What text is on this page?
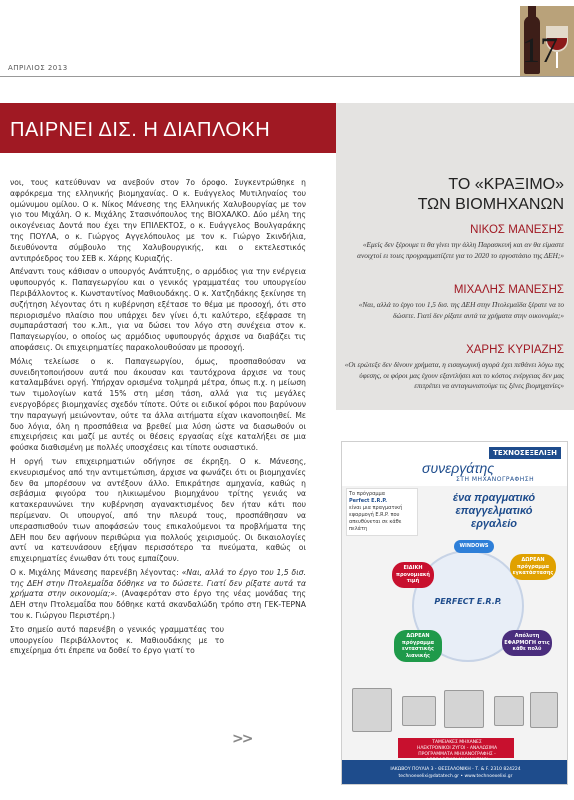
17
ΑΠΡΙΛΙΟΣ 2013
ΠΑΙΡΝΕΙ ΔΙΣ. Η ΔΙΑΠΛΟΚΗ
ΤΟ «ΚΡΑΞΙΜΟ»
ΤΩΝ ΒΙΟΜΗΧΑΝΩΝ
ΝΙΚΟΣ ΜΑΝΕΣΗΣ
«Εμείς δεν ξέρουμε τι θα γίνει την άλλη Παρασκευή και αν θα είμαστε ανοιχτοί ει τοιες προγραμματίζετε για το 2020 το εργοστάσιο της ΔΕΗ;»
ΜΙΧΑΛΗΣ ΜΑΝΕΣΗΣ
«Ναι, αλλά το έργο του 1,5 δισ. της ΔΕΗ στην Πτολεμαΐδα ξέρατε να το δώσετε. Γιατί δεν ρίξατε αυτά τα χρήματα στην οικονομία;»
ΧΑΡΗΣ ΚΥΡΙΑΖΗΣ
«Οι ερώτεξε δεν δίνουν χρήματα, η εισαγωγική αγορά έχει πεθάνει λόγω της ύφεσης, οι φόροι μας έχουν εξαντλήσει και το κόστος ενέργειας δεν μας επιτρέπει να ανταγωνιστούμε τις ξένες βιομηχανίες»

νοι, τους κατεύθυναν να ανεβούν στον 7ο όροφο. Συγκεντρώθηκε η αφρόκρεμα της ελληνικής βιομηχανίας. Ο κ. Ευάγγελος Μυτιληναίος του ομώνυμου ομίλου. Ο κ. Νίκος Μάνεσης της Ελληνικής Χαλυβουργίας με τον γιο του Μιχάλη. Ο κ. Μιχάλης Στασινόπουλος της ΒΙΟΧΑΛΚΟ. Δύο μέλη της οικογένειας Δοντά που έχει την ΕΠΙΛΕΚΤΟΣ, ο κ. Ευάγγελος Βουλγαράκης της ΠΟΥΛΑ, ο κ. Γιώργος Αγγελόπουλος με τον κ. Γιώργο Σκινδήλια, διευθύνοντα σύμβουλο της Χαλυβουργικής, και ο εκτελεστικός αντιπρόεδρος του ΣΕΒ κ. Χάρης Κυριαζής.

Απέναντι τους κάθισαν ο υπουργός Ανάπτυξης, ο αρμόδιος για την ενέργεια υφυπουργός κ. Παπαγεωργίου και ο γενικός γραμματέας του υπουργείου Περιβάλλοντος κ. Κωνσταντίνος Μαθιουδάκης. Ο κ. Χατζηδάκης ξεκίνησε τη συζήτηση λέγοντας ότι η κυβέρνηση εξέτασε το θέμα με προσοχή, ότι στο περιορισμένο πλαίσιο που υπάρχει δεν γίνει ό,τι καλύτερο, εξέφρασε τη συμπαράστασή του κ.λπ., για να δώσει τον λόγο στη συνέχεια στον κ. Παπαγεωργίου, ο οποίος ως αρμόδιος υφυπουργός άρχισε να διαβάζει τις αποφάσεις. Οι επιχειρηματίες παρακολουθούσαν με προσοχή.

Μόλις τελείωσε ο κ. Παπαγεωργίου, όμως, προσπαθούσαν να συνειδητοποιήσουν αυτά που άκουσαν και ταυτόχρονα άρχισε να τους καταλαμβάνει οργή. Υπήρχαν ορισμένα τολμηρά μέτρα, όπως π.χ. η μείωση των τιμολογίων κατά 15% στη μέση τάση, αλλά για τις μεγάλες ενεργοβόρες βιομηχανίες σχεδόν τίποτε. Ούτε οι ειδικοί φόροι που βαρύνουν την παραγωγή μειώνονταν, ούτε τα άλλα αιτήματα είχαν ικανοποιηθεί. Με δυο λόγια, όλη η προσπάθεια να βρεθεί μια λύση ώστε να διασωθούν οι επιχειρήσεις και μαζί με αυτές οι θέσεις εργασίας είχε καταλήξει σε μια φούσκα διαθισμένη με πολλές υποσχέσεις και τίποτε ουσιαστικό.

Η οργή των επιχειρηματιών οδήγησε σε έκρηξη. Ο κ. Μάνεσης, εκνευρισμένος από την αντιμετώπιση, άρχισε να φωνάζει ότι οι βιομηχανίες δεν θα μπορέσουν να αντέξουν άλλο. Επικράτησε αμηχανία, καθώς η σεβάσμια φιγούρα του ηλικιωμένου βιομηχάνου τρίτης γενιάς να κατακεραυνώνει την κυβέρνηση αγανακτισμένος δεν ήταν κάτι που περίμεναν. Οι υπουργοί, από την πλευρά τους, προσπάθησαν να υπερασπισθούν τιων αποφάσεών τους επικαλούμενοι τα προβλήματα της ΔΕΗ που δεν αφήνουν περιθώρια για πολλούς χειρισμούς. Οι δικαιολογίες αντί να κατευνάσουν εξήψαν περισσότερο τα πνεύματα, καθώς οι επιχειρηματίες ένιωθαν ότι τους εμπαίζουν.

Ο κ. Μιχάλης Μάνεσης παρενέβη λέγοντας: «Ναι, αλλά το έργο του 1,5 δισ. της ΔΕΗ στην Πτολεμαΐδα δόθηκε να το δώσετε. Γιατί δεν ρίξατε αυτά τα χρήματα στην οικονομία;». (Αναφερόταν στο έργο της νέας μονάδας της ΔΕΗ στην Πτολεμαΐδα που δόθηκε κατά σκανδαλώδη τρόπο στη ΓΕΚ-ΤΕΡΝΑ του κ. Γιώργου Περιστέρη.)

Στο σημείο αυτό παρενέβη ο γενικός γραμματέας του υπουργείου Περιβάλλοντος κ. Μαθιουδάκης με το επιχείρημα ότι έπρεπε να δοθεί το έργο γιατί το

>>
ΤΕΧΝΟΣΕΞΕΛΙΞΗ
συνεργάτης
ΣΤΗ ΜΗΧΑΝΟΓΡΑΦΗΣΗ
Το πρόγραμμα
Perfect E.R.P.
είναι μια πραγματική εφαρμογή E.R.P. που απευθύνεται σε κάθε πελάτη
ένα πραγματικό
επαγγελματικό
εργαλείο
PERFECT E.R.P.
WINDOWS
ΔΩΡΕΑΝ πρόγραμμα εγκατάστασης
ΕΙΔΙΚΗ προνομιακή τιμή
ΔΩΡΕΑΝ πρόγραμμα ενταστικής λιανικής
Απόλυτη ΕΦΑΡΜΟΓΗ στις κάθε πολύ
ΤΑΜΕΙΑΚΕΣ ΜΗΧΑΝΕΣ
ΗΛΕΚΤΡΟΝΙΚΟΙ ΖΥΓΟΙ - ΑΝΑΛΩΣΙΜΑ
ΠΡΟΓΡΑΜΜΑΤΑ ΜΗΧΑΝΟΓΡΑΦΗΣ -
ΙΑΚΩΒΟΥ ΠΟΥΛΙΑ 3 - ΘΕΣΣΑΛΟΝΙΚΗ - Τ. & F. 2310 824224
technoexelixi@datatech.gr • www.technoexelixi.gr
